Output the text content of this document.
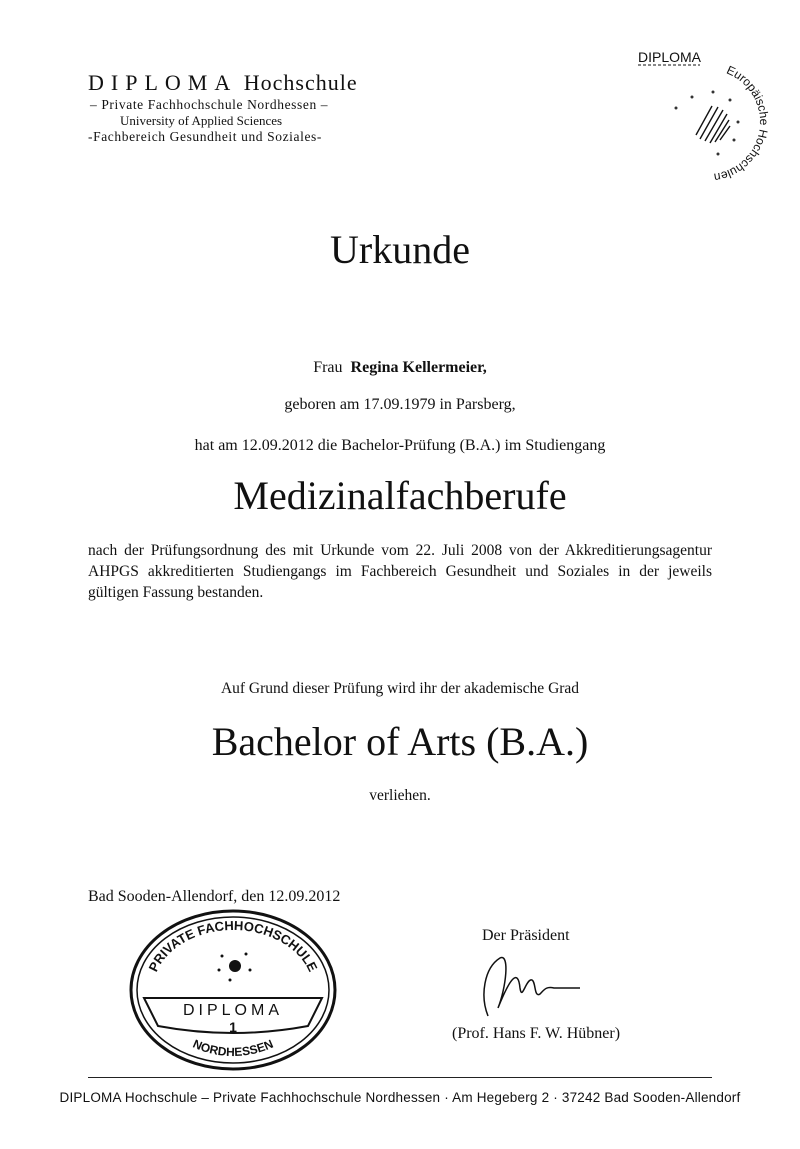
DIPLOMA Hochschule
– Private Fachhochschule Nordhessen –
University of Applied Sciences
-Fachbereich Gesundheit und Soziales-
DIPLOMA
Europäische Hochschulen
Urkunde
Frau Regina Kellermeier,
geboren am 17.09.1979 in Parsberg,
hat am 12.09.2012 die Bachelor-Prüfung (B.A.) im Studiengang
Medizinalfachberufe
nach der Prüfungsordnung des mit Urkunde vom 22. Juli 2008 von der Akkreditierungsagentur AHPGS akkreditierten Studiengangs im Fachbereich Gesundheit und Soziales in der jeweils gültigen Fassung bestanden.
Auf Grund dieser Prüfung wird ihr der akademische Grad
Bachelor of Arts (B.A.)
verliehen.
Bad Sooden-Allendorf, den 12.09.2012
Der Präsident
(Prof. Hans F. W. Hübner)
PRIVATE FACHHOCHSCHULE
DIPLOMA
1
NORDHESSEN
DIPLOMA Hochschule – Private Fachhochschule Nordhessen · Am Hegeberg 2 · 37242 Bad Sooden-Allendorf
